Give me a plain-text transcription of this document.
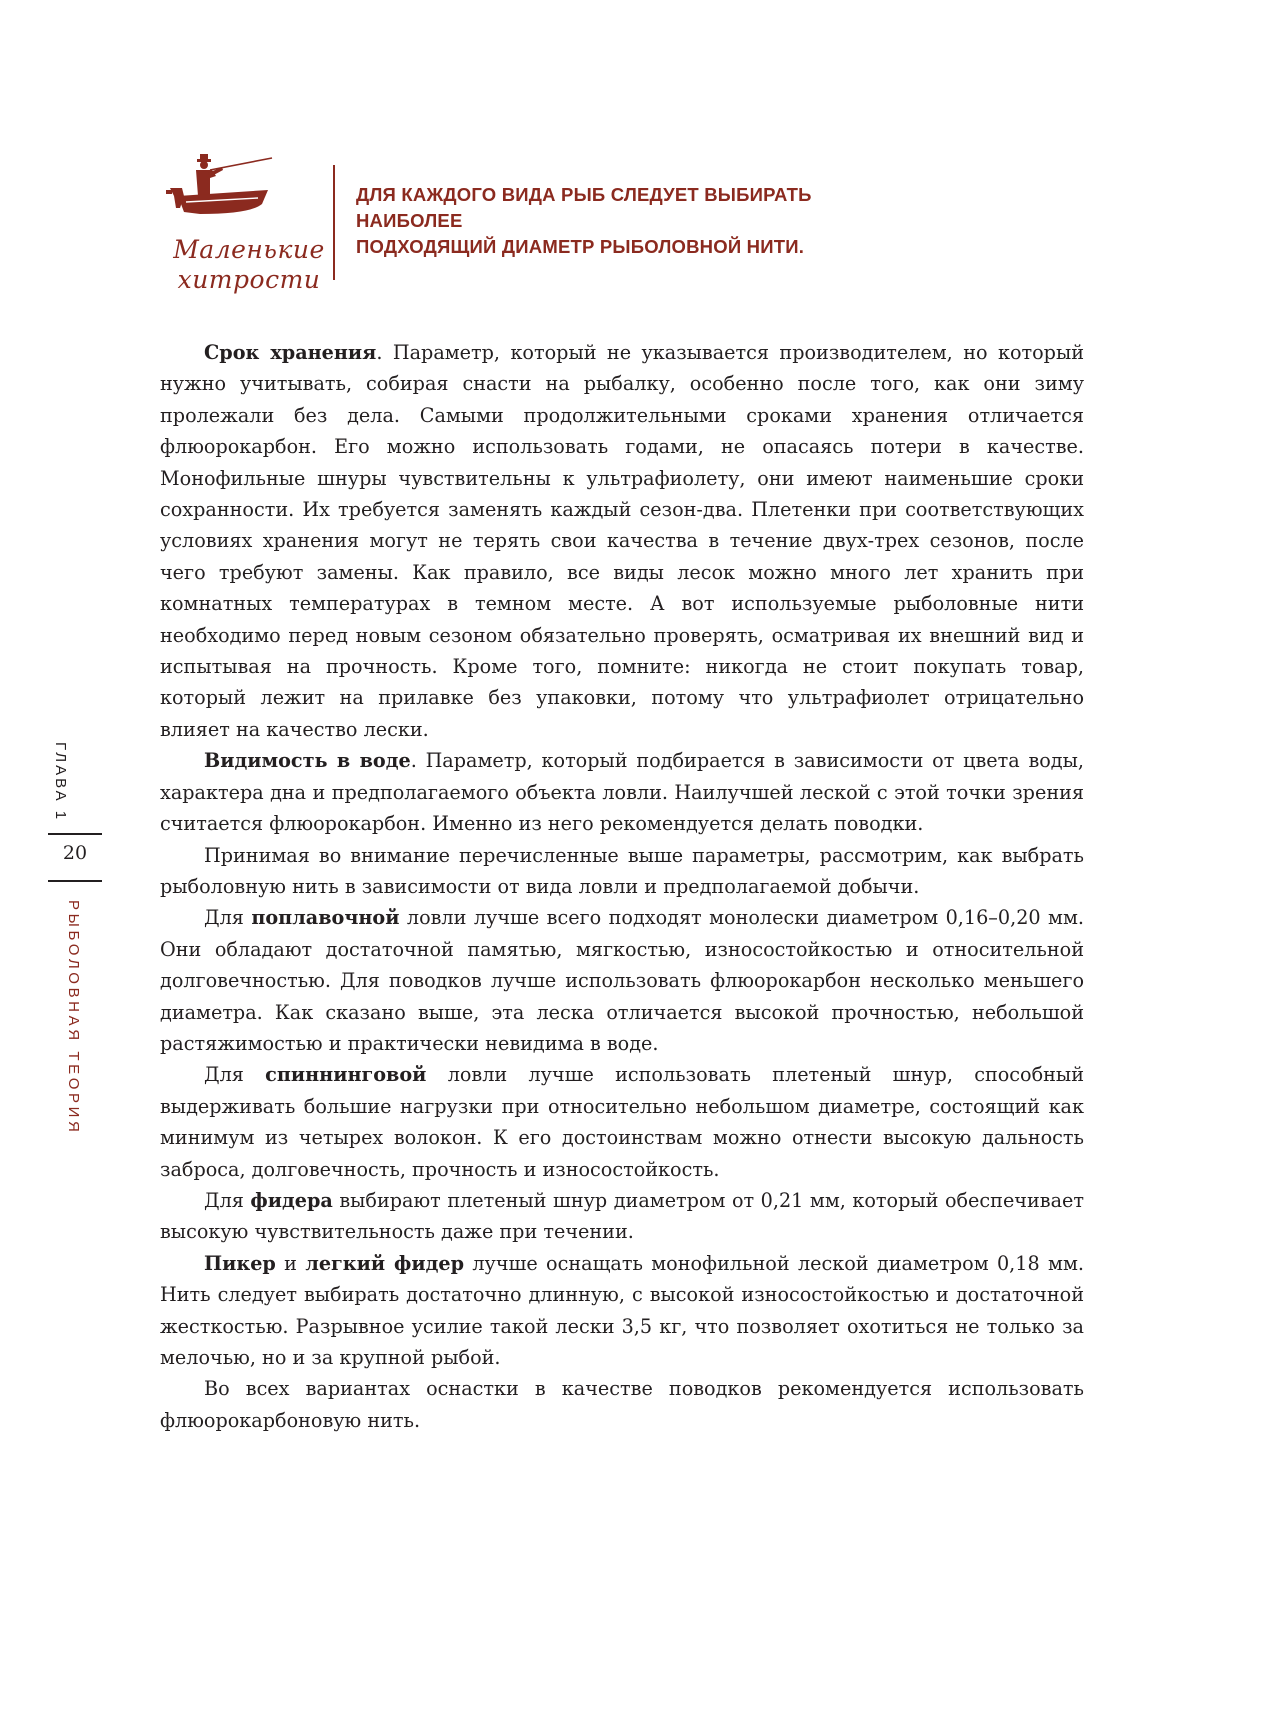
Маленькие
хитрости
ДЛЯ КАЖДОГО ВИДА РЫБ СЛЕДУЕТ ВЫБИРАТЬ НАИБОЛЕЕ
ПОДХОДЯЩИЙ ДИАМЕТР РЫБОЛОВНОЙ НИТИ.
ГЛАВА 1
20
РЫБОЛОВНАЯ ТЕОРИЯ

Срок хранения. Параметр, который не указывается производителем, но который нужно учитывать, собирая снасти на рыбалку, особенно после того, как они зиму пролежали без дела. Самыми продолжительными сроками хранения отличается флюорокарбон. Его можно использовать годами, не опасаясь потери в качестве. Монофильные шнуры чувствительны к ультрафиолету, они имеют наименьшие сроки сохранности. Их требуется заменять каждый сезон-два. Плетенки при соответствующих условиях хранения могут не терять свои качества в течение двух-трех сезонов, после чего требуют замены. Как правило, все виды лесок можно много лет хранить при комнатных температурах в темном месте. А вот используемые рыболовные нити необходимо перед новым сезоном обязательно проверять, осматривая их внешний вид и испытывая на прочность. Кроме того, помните: никогда не стоит покупать товар, который лежит на прилавке без упаковки, потому что ультрафиолет отрицательно влияет на качество лески.

Видимость в воде. Параметр, который подбирается в зависимости от цвета воды, характера дна и предполагаемого объекта ловли. Наилучшей леской с этой точки зрения считается флюорокарбон. Именно из него рекомендуется делать поводки.

Принимая во внимание перечисленные выше параметры, рассмотрим, как выбрать рыболовную нить в зависимости от вида ловли и предполагаемой добычи.

Для поплавочной ловли лучше всего подходят монолески диаметром 0,16–0,20 мм. Они обладают достаточной памятью, мягкостью, износостойкостью и относительной долговечностью. Для поводков лучше использовать флюорокарбон несколько меньшего диаметра. Как сказано выше, эта леска отличается высокой прочностью, небольшой растяжимостью и практически невидима в воде.

Для спиннинговой ловли лучше использовать плетеный шнур, способный выдерживать большие нагрузки при относительно небольшом диаметре, состоящий как минимум из четырех волокон. К его достоинствам можно отнести высокую дальность заброса, долговечность, прочность и износостойкость.

Для фидера выбирают плетеный шнур диаметром от 0,21 мм, который обеспечивает высокую чувствительность даже при течении.

Пикер и легкий фидер лучше оснащать монофильной леской диаметром 0,18 мм. Нить следует выбирать достаточно длинную, с высокой износостойкостью и достаточной жесткостью. Разрывное усилие такой лески 3,5 кг, что позволяет охотиться не только за мелочью, но и за крупной рыбой.

Во всех вариантах оснастки в качестве поводков рекомендуется использовать флюорокарбоновую нить.
